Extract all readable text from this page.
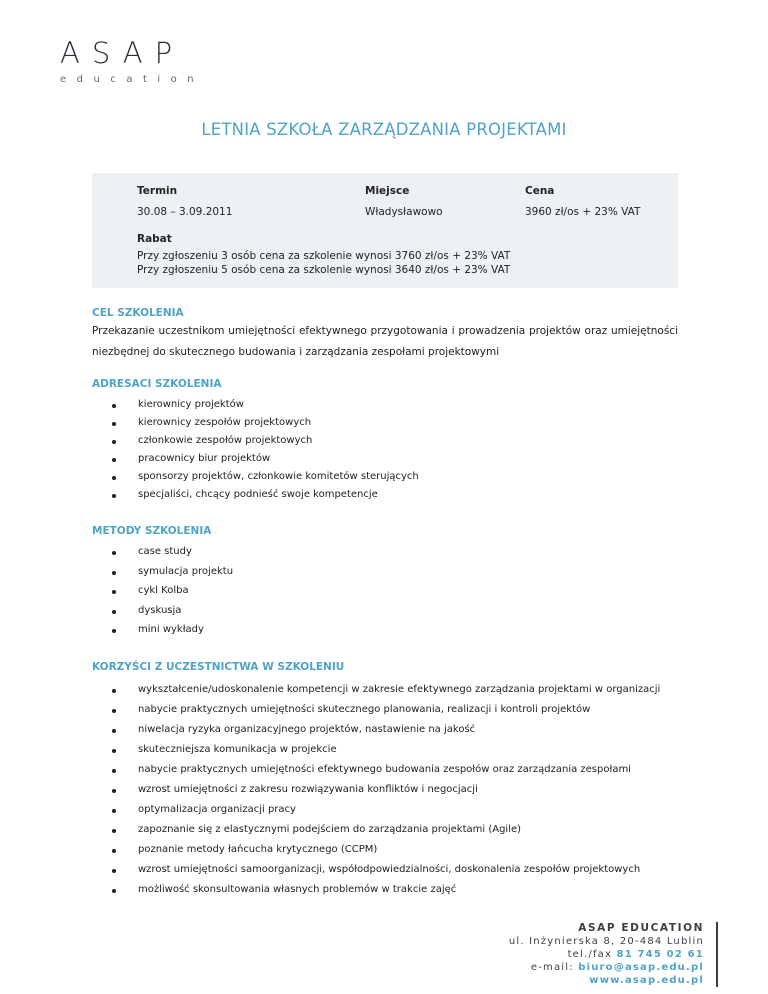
ASAP
education
LETNIA SZKOŁA ZARZĄDZANIA PROJEKTAMI
Termin	Miejsce	Cena
30.08 – 3.09.2011	Władysławowo	3960 zł/os + 23% VAT
Rabat
Przy zgłoszeniu 3 osób cena za szkolenie wynosi 3760 zł/os + 23% VAT
Przy zgłoszeniu 5 osób cena za szkolenie wynosi 3640 zł/os + 23% VAT
CEL SZKOLENIA
Przekazanie uczestnikom umiejętności efektywnego przygotowania i prowadzenia projektów oraz umiejętności
niezbędnej do skutecznego budowania i zarządzania zespołami projektowymi
ADRESACI SZKOLENIA
kierownicy projektów
kierownicy zespołów projektowych
członkowie zespołów projektowych
pracownicy biur projektów
sponsorzy projektów, członkowie komitetów sterujących
specjaliści, chcący podnieść swoje kompetencje
METODY SZKOLENIA
case study
symulacja projektu
cykl Kolba
dyskusja
mini wykłady
KORZYŚCI Z UCZESTNICTWA W SZKOLENIU
wykształcenie/udoskonalenie kompetencji w zakresie efektywnego zarządzania projektami w organizacji
nabycie praktycznych umiejętności skutecznego planowania, realizacji i kontroli projektów
niwelacja ryzyka organizacyjnego projektów, nastawienie na jakość
skuteczniejsza komunikacja w projekcie
nabycie praktycznych umiejętności efektywnego budowania zespołów oraz zarządzania zespołami
wzrost umiejętności z zakresu rozwiązywania konfliktów i negocjacji
optymalizacja organizacji pracy
zapoznanie się z elastycznymi podejściem do zarządzania projektami (Agile)
poznanie metody łańcucha krytycznego (CCPM)
wzrost umiejętności samoorganizacji, współodpowiedzialności, doskonalenia zespołów projektowych
możliwość skonsultowania własnych problemów w trakcie zajęć
ASAP EDUCATION
ul. Inżynierska 8, 20-484 Lublin
tel./fax 81 745 02 61
e-mail: biuro@asap.edu.pl
www.asap.edu.pl
